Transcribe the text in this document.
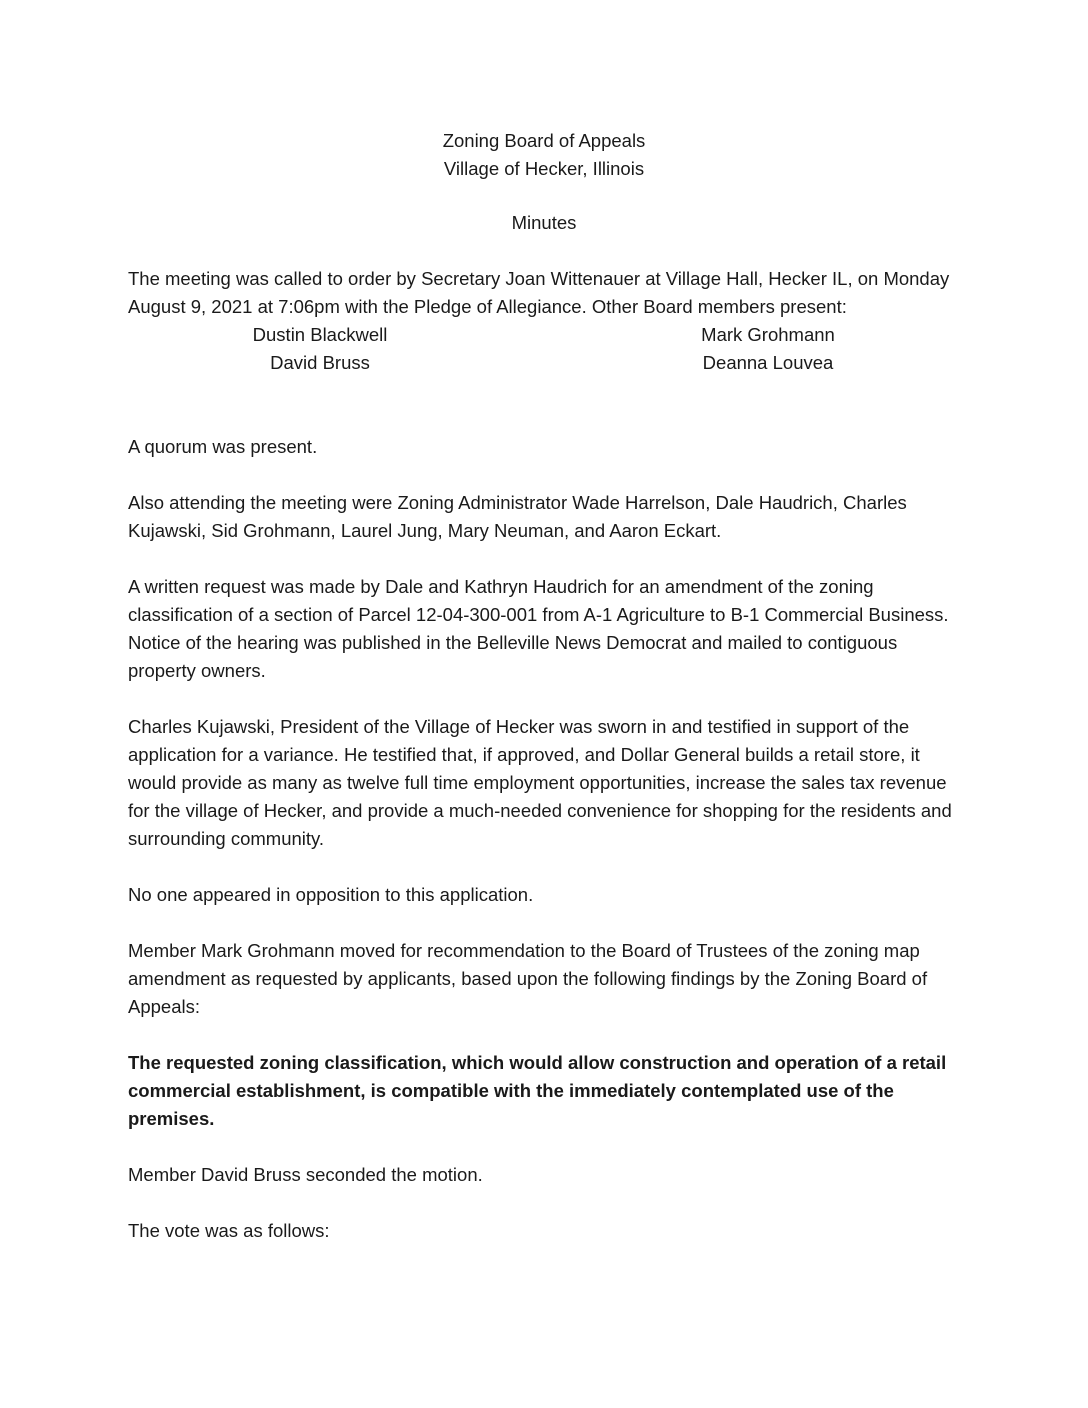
Zoning Board of Appeals
Village of Hecker, Illinois
Minutes

The meeting was called to order by Secretary Joan Wittenauer at Village Hall, Hecker IL, on Monday August 9, 2021 at 7:06pm with the Pledge of Allegiance. Other Board members present:

Dustin Blackwell
David Bruss
Mark Grohmann
Deanna Louvea

A quorum was present.

Also attending the meeting were Zoning Administrator Wade Harrelson, Dale Haudrich, Charles Kujawski, Sid Grohmann, Laurel Jung, Mary Neuman, and Aaron Eckart.

A written request was made by Dale and Kathryn Haudrich for an amendment of the zoning classification of a section of Parcel 12-04-300-001 from A-1 Agriculture to B-1 Commercial Business. Notice of the hearing was published in the Belleville News Democrat and mailed to contiguous property owners.

Charles Kujawski, President of the Village of Hecker was sworn in and testified in support of the application for a variance. He testified that, if approved, and Dollar General builds a retail store, it would provide as many as twelve full time employment opportunities, increase the sales tax revenue for the village of Hecker, and provide a much-needed convenience for shopping for the residents and surrounding community.

No one appeared in opposition to this application.

Member Mark Grohmann moved for recommendation to the Board of Trustees of the zoning map amendment as requested by applicants, based upon the following findings by the Zoning Board of Appeals:

The requested zoning classification, which would allow construction and operation of a retail commercial establishment, is compatible with the immediately contemplated use of the premises.

Member David Bruss seconded the motion.

The vote was as follows:
